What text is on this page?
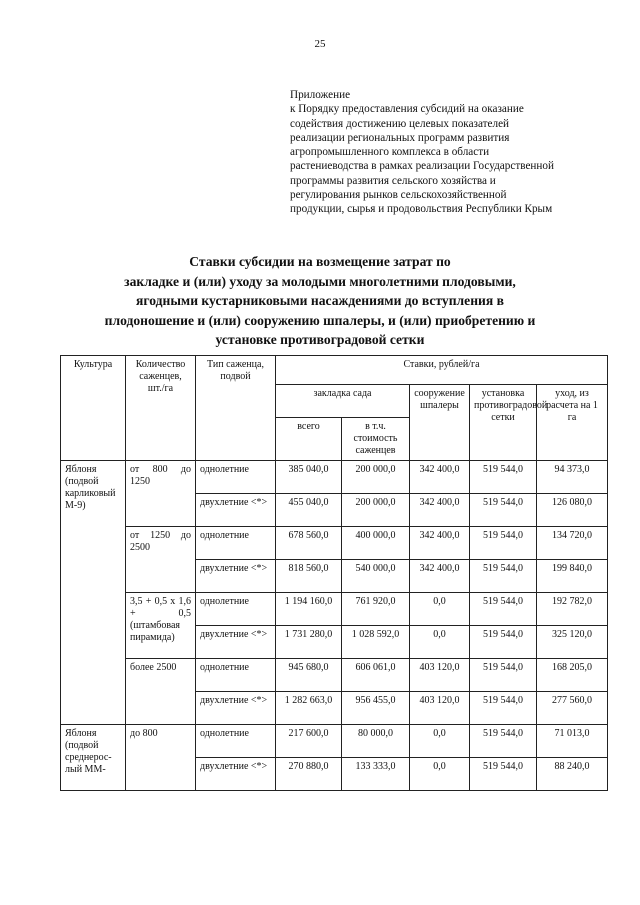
25
Приложение
к Порядку предоставления субсидий на оказание
содействия достижению целевых показателей
реализации региональных программ развития
агропромышленного комплекса в области
растениеводства в рамках реализации Государственной
программы развития сельского хозяйства и
регулирования рынков сельскохозяйственной
продукции, сырья и продовольствия Республики Крым
Ставки субсидии на возмещение затрат по
закладке и (или) уходу за молодыми многолетними плодовыми,
ягодными кустарниковыми насаждениями до вступления в
плодоношение и (или) сооружению шпалеры, и (или) приобретению и
установке противоградовой сетки
Культура	Количество саженцев, шт./га	Тип саженца, подвой	Ставки, рублей/га				
			закладка сада		сооружение шпалеры	установка противоградовой сетки	уход, из расчета на 1 га
			всего	в т.ч. стоимость саженцев			
Яблоня (подвой карликовый М-9)	от 800 до 1250	однолетние	385 040,0	200 000,0	342 400,0	519 544,0	94 373,0
		двухлетние <*>	455 040,0	200 000,0	342 400,0	519 544,0	126 080,0
	от 1250 до 2500	однолетние	678 560,0	400 000,0	342 400,0	519 544,0	134 720,0
		двухлетние <*>	818 560,0	540 000,0	342 400,0	519 544,0	199 840,0
	3,5 + 0,5 x 1,6 + 0,5 (штамбовая пирамида)	однолетние	1 194 160,0	761 920,0	0,0	519 544,0	192 782,0
		двухлетние <*>	1 731 280,0	1 028 592,0	0,0	519 544,0	325 120,0
	более 2500	однолетние	945 680,0	606 061,0	403 120,0	519 544,0	168 205,0
		двухлетние <*>	1 282 663,0	956 455,0	403 120,0	519 544,0	277 560,0
Яблоня (подвой среднерос-лый ММ-	до 800	однолетние	217 600,0	80 000,0	0,0	519 544,0	71 013,0
		двухлетние <*>	270 880,0	133 333,0	0,0	519 544,0	88 240,0
